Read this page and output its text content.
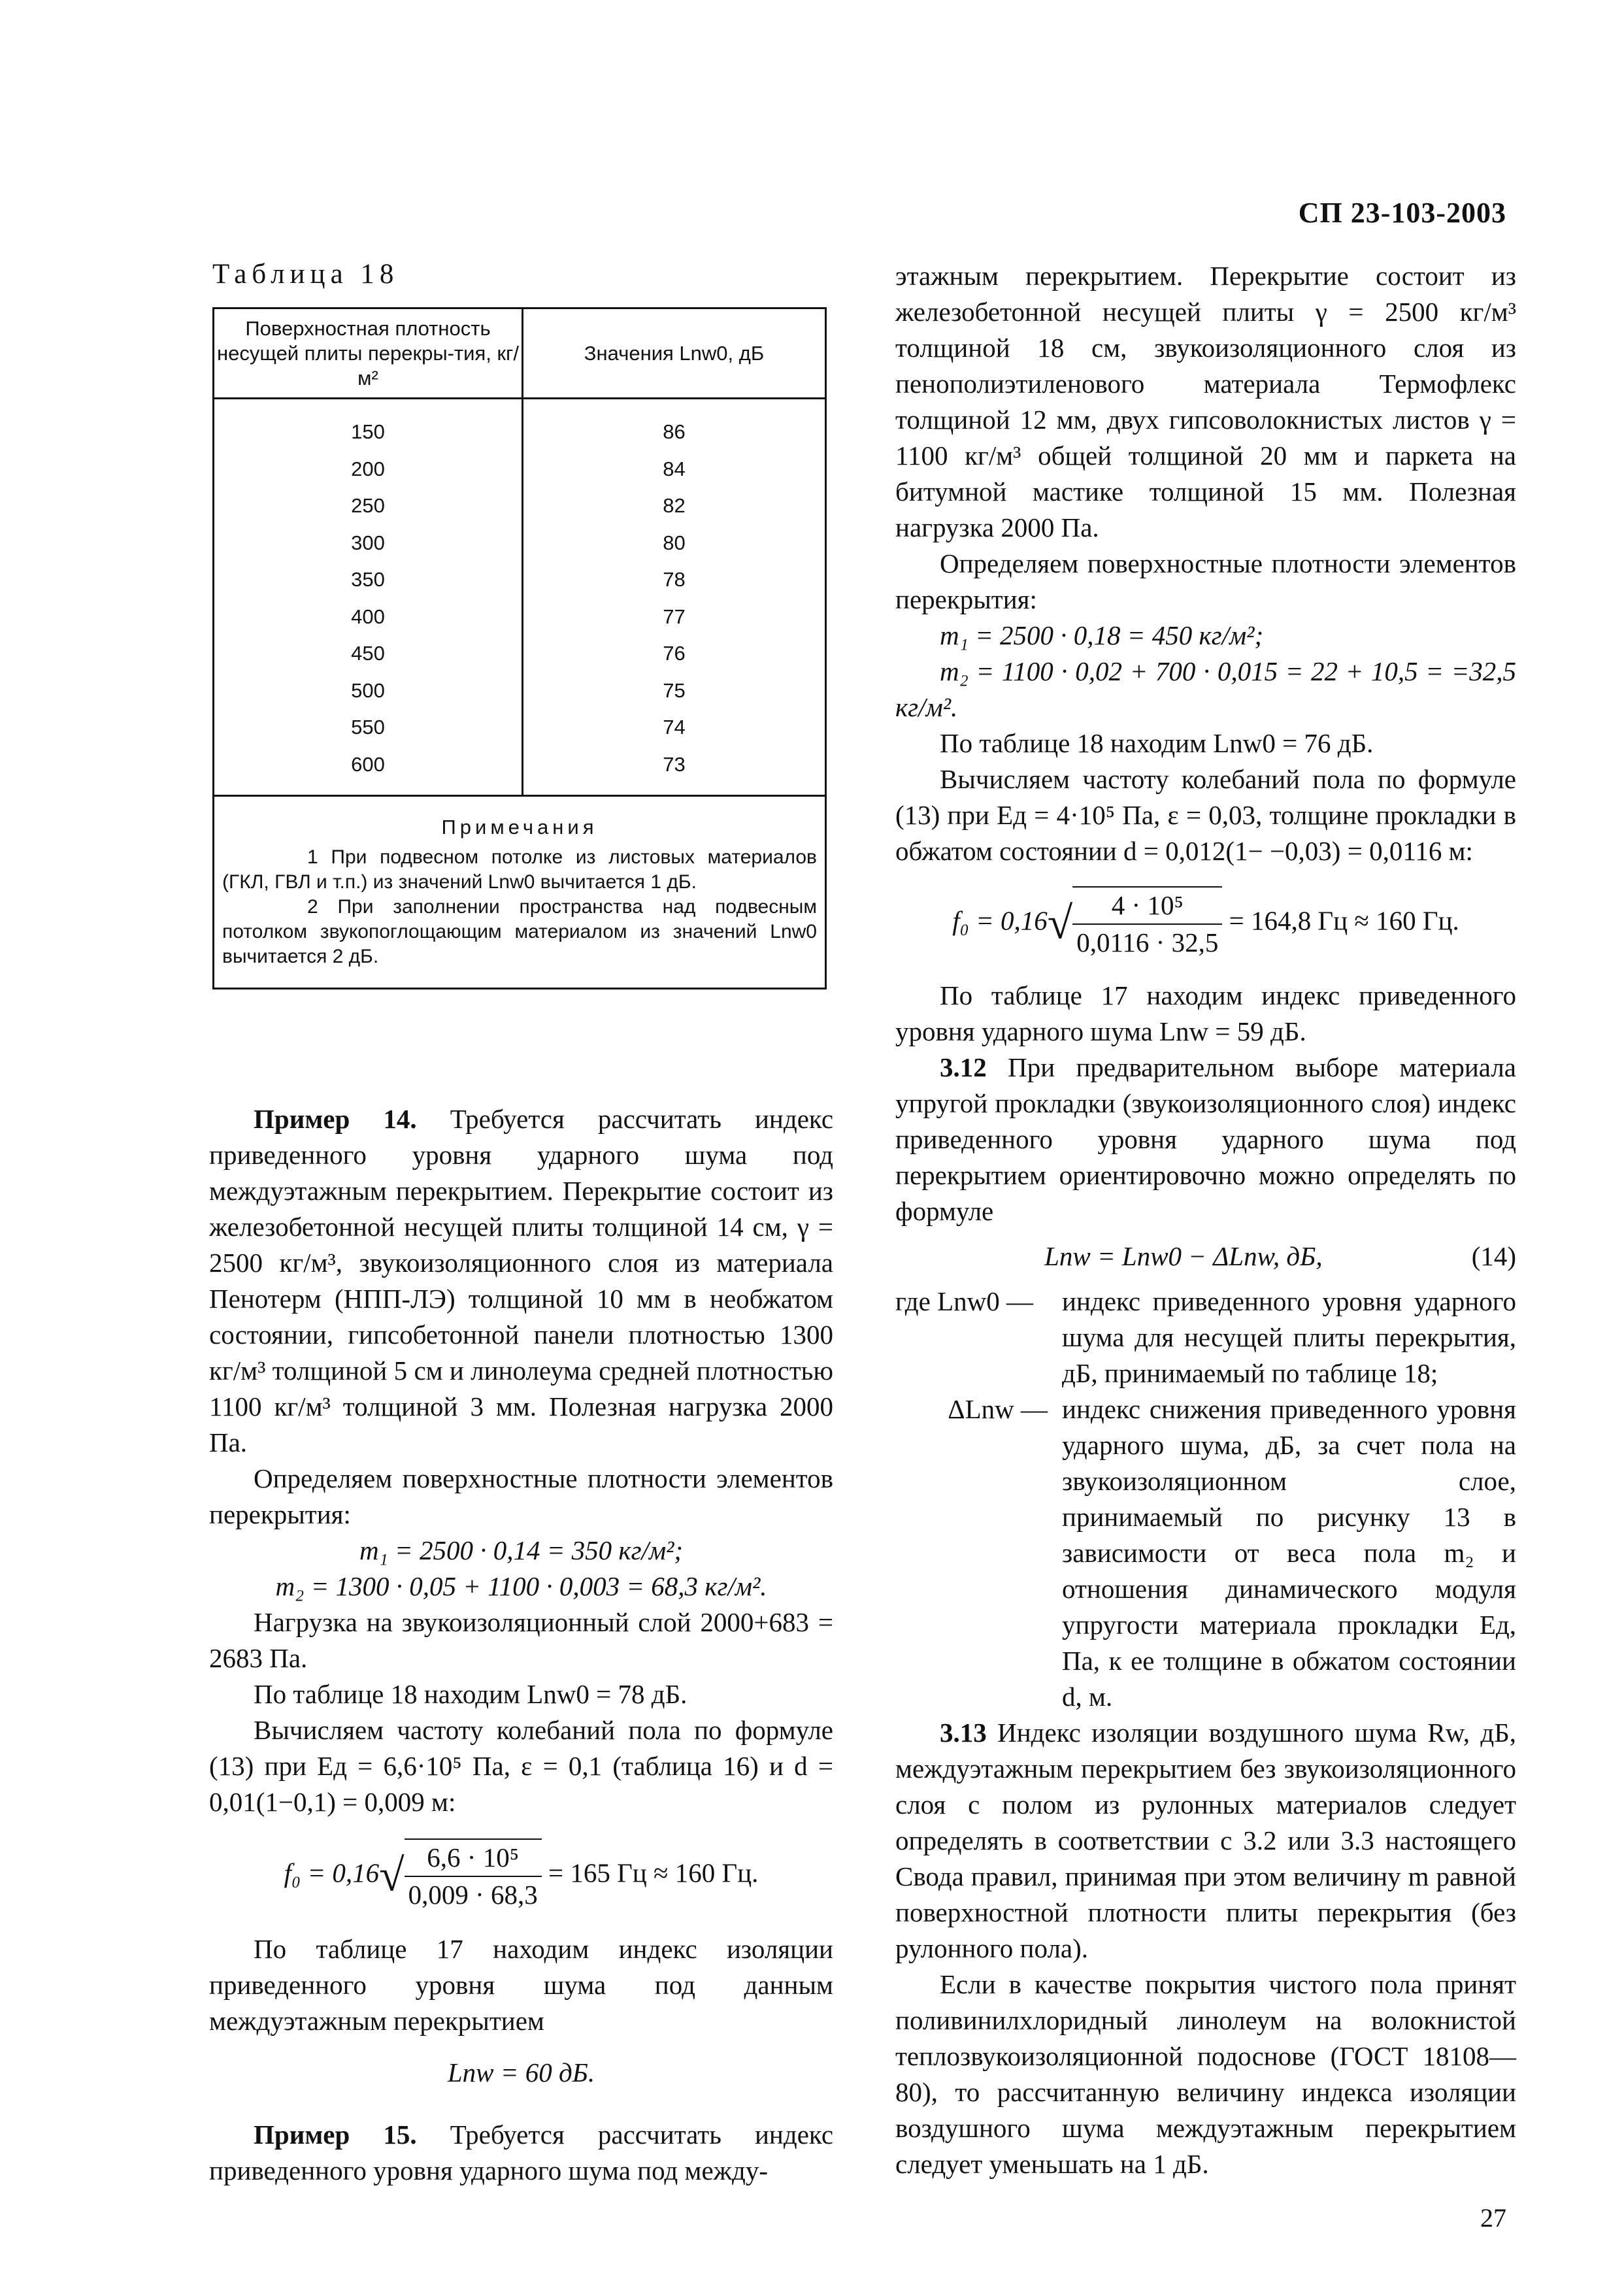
СП 23-103-2003
Таблица 18
Поверхностная плотность несущей плиты перекры-тия, кг/м²	Значения Lnw0, дБ
150	86
200	84
250	82
300	80
350	78
400	77
450	76
500	75
550	74
600	73

Примечания
1 При подвесном потолке из листовых материалов (ГКЛ, ГВЛ и т.п.) из значений Lnw0 вычитается 1 дБ.
2 При заполнении пространства над подвесным потолком звукопоглощающим материалом из значений Lnw0 вычитается 2 дБ.	

Пример 14. Требуется рассчитать индекс приведенного уровня ударного шума под междуэтажным перекрытием. Перекрытие состоит из железобетонной несущей плиты толщиной 14 см, γ = 2500 кг/м³, звукоизоляционного слоя из материала Пенотерм (НПП-ЛЭ) толщиной 10 мм в необжатом состоянии, гипсобетонной панели плотностью 1300 кг/м³ толщиной 5 см и линолеума средней плотностью 1100 кг/м³ толщиной 3 мм. Полезная нагрузка 2000 Па.

Определяем поверхностные плотности элементов перекрытия:

m₁ = 2500 · 0,14 = 350 кг/м²;

m₂ = 1300 · 0,05 + 1100 · 0,003 = 68,3 кг/м².

Нагрузка на звукоизоляционный слой 2000+683 = 2683 Па.

По таблице 18 находим Lnw0 = 78 дБ.

Вычисляем частоту колебаний пола по формуле (13) при Eд = 6,6·10⁵ Па, ε = 0,1 (таблица 16) и d = 0,01(1−0,1) = 0,009 м:

$f_0 = 0,16√ \frac{\text{6,6 · 10⁵}}{0,009 \cdot 68,3} = 165$ Гц ≈ 160 Гц.

По таблице 17 находим индекс изоляции приведенного уровня шума под данным междуэтажным перекрытием

Lnw = 60 дБ.

Пример 15. Требуется рассчитать индекс приведенного уровня ударного шума под между-

этажным перекрытием. Перекрытие состоит из железобетонной несущей плиты γ = 2500 кг/м³ толщиной 18 см, звукоизоляционного слоя из пенополиэтиленового материала Термофлекс толщиной 12 мм, двух гипсоволокнистых листов γ = 1100 кг/м³ общей толщиной 20 мм и паркета на битумной мастике толщиной 15 мм. Полезная нагрузка 2000 Па.

Определяем поверхностные плотности элементов перекрытия:

m₁ = 2500 · 0,18 = 450 кг/м²;

m₂ = 1100 · 0,02 + 700 · 0,015 = 22 + 10,5 = =32,5 кг/м².

По таблице 18 находим Lnw0 = 76 дБ.

Вычисляем частоту колебаний пола по формуле (13) при Eд = 4·10⁵ Па, ε = 0,03, толщине прокладки в обжатом состоянии d = 0,012(1− −0,03) = 0,0116 м:

$f_0 = 0,16√ \frac{\text{4 · 10⁵}}{0,0116 \cdot 32,5} = 164,8$ Гц ≈ 160 Гц.

По таблице 17 находим индекс приведенного уровня ударного шума Lnw = 59 дБ.

3.12 При предварительном выборе материала упругой прокладки (звукоизоляционного слоя) индекс приведенного уровня ударного шума под перекрытием ориентировочно можно определять по формуле

Lnw = Lnw0 − ΔLnw, дБ,	(14)

где Lnw0 —	индекс приведенного уровня ударного шума для несущей плиты перекрытия, дБ, принимаемый по таблице 18;
ΔLnw — индекс снижения приведенного уровня ударного шума, дБ, за счет пола на звукоизоляционном слое, принимаемый по рисунку 13 в зависимости от веса пола m₂ и отношения динамического модуля упругости материала прокладки Eд, Па, к ее толщине в обжатом состоянии d, м.

3.13 Индекс изоляции воздушного шума Rw, дБ, междуэтажным перекрытием без звукоизоляционного слоя с полом из рулонных материалов следует определять в соответствии с 3.2 или 3.3 настоящего Свода правил, принимая при этом величину m равной поверхностной плотности плиты перекрытия (без рулонного пола).

Если в качестве покрытия чистого пола принят поливинилхлоридный линолеум на волокнистой теплозвукоизоляционной подоснове (ГОСТ 18108—80), то рассчитанную величину индекса изоляции воздушного шума междуэтажным перекрытием следует уменьшать на 1 дБ.

27
